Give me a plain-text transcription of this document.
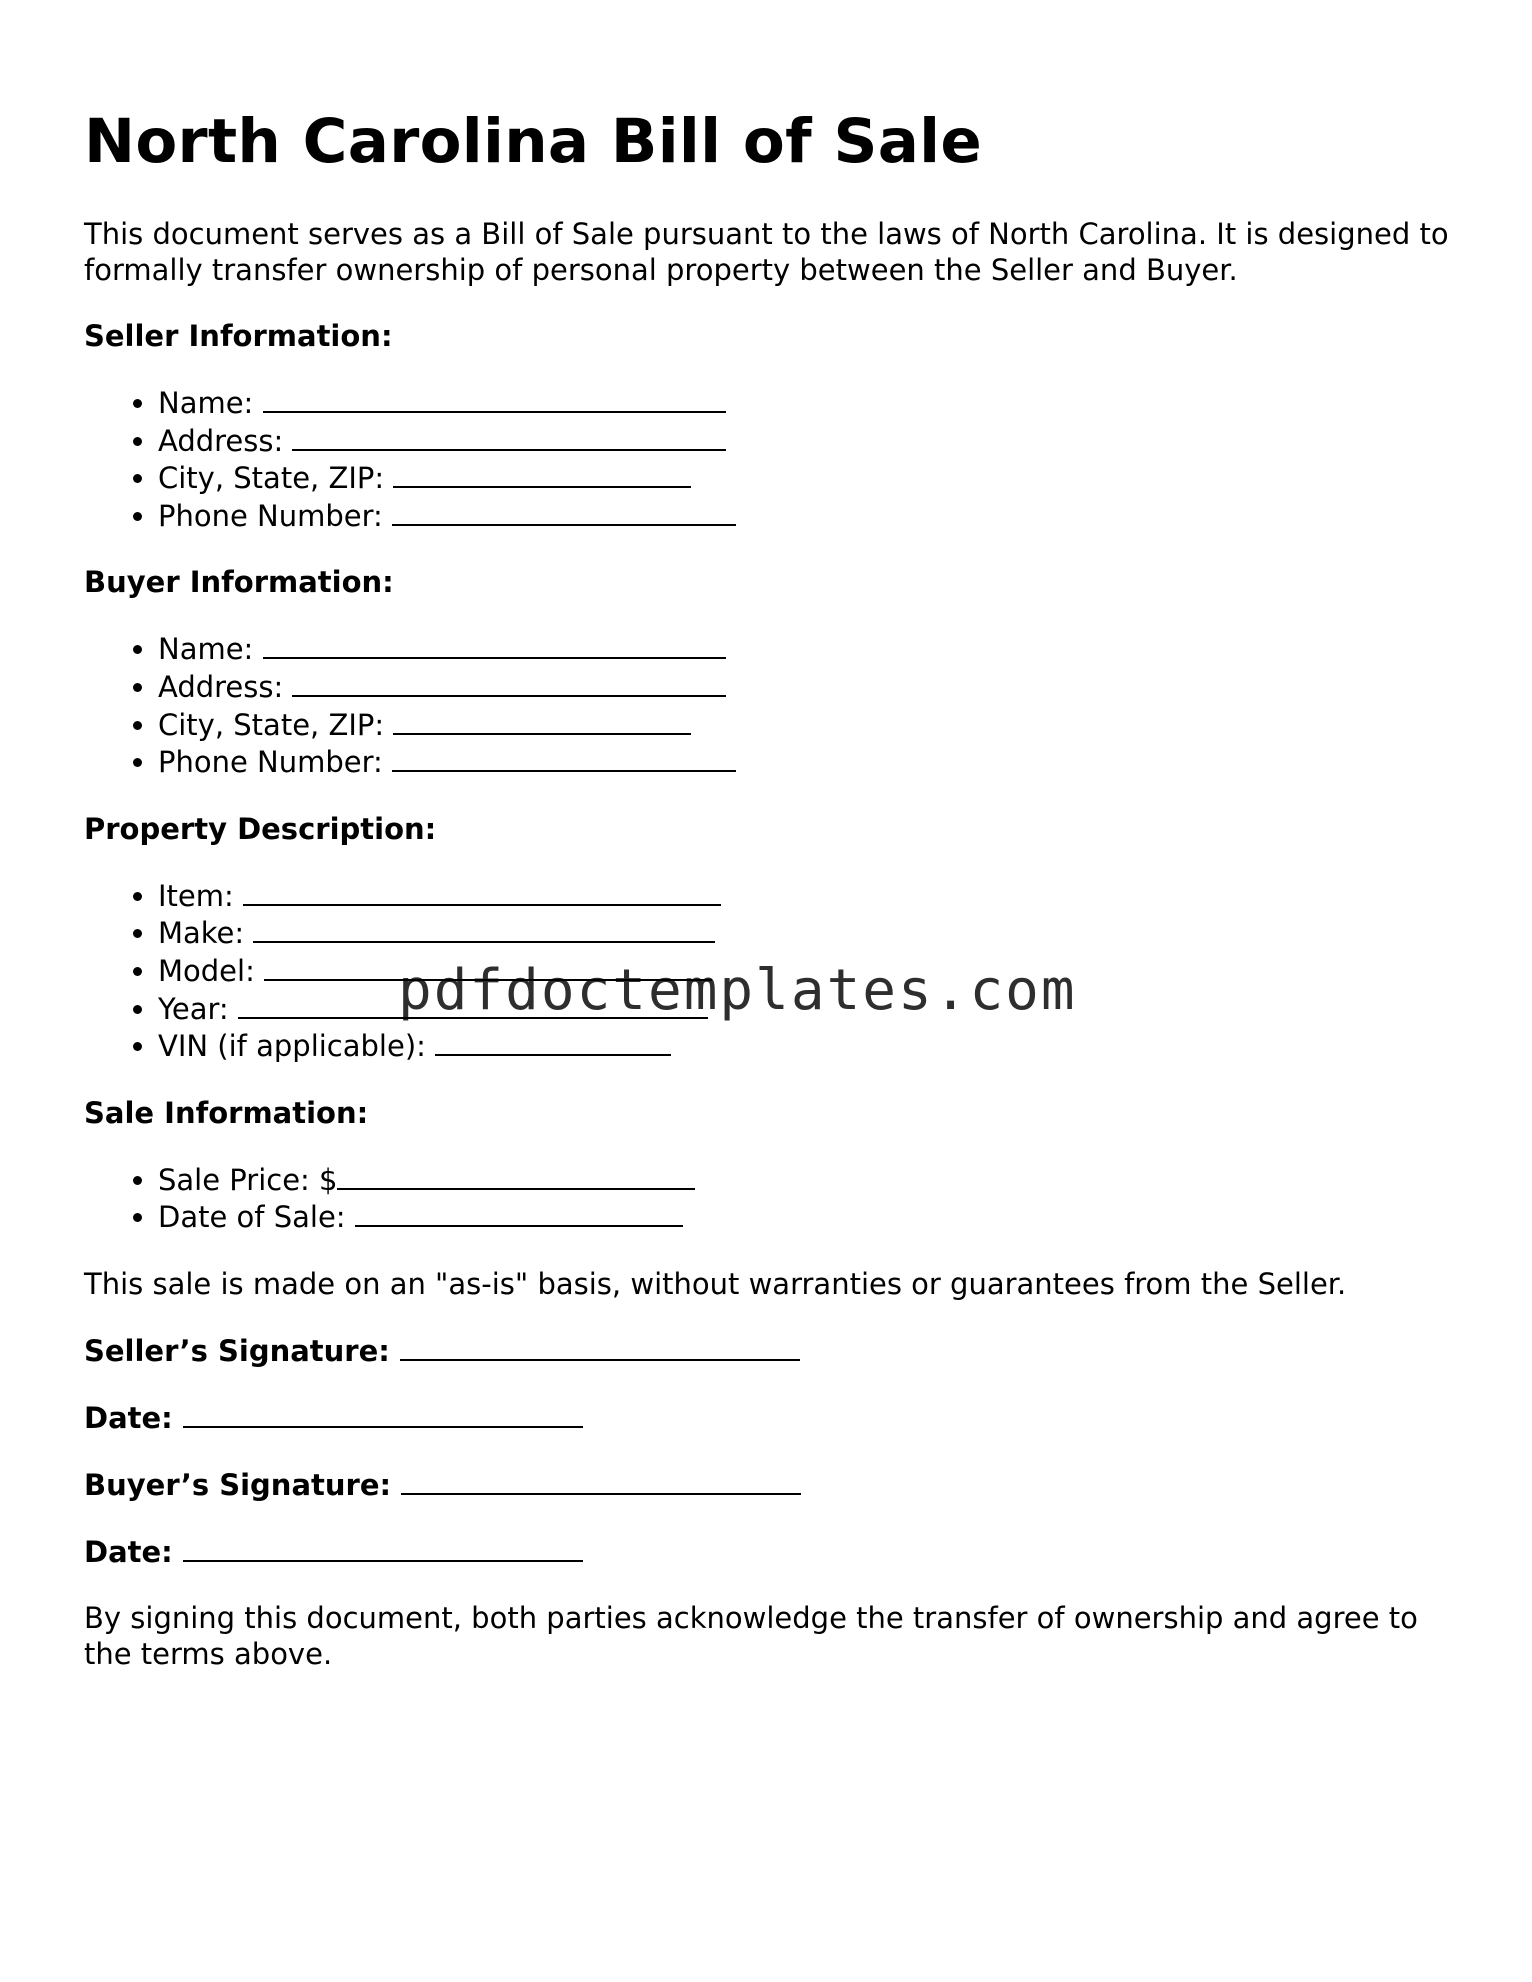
North Carolina Bill of Sale

This document serves as a Bill of Sale pursuant to the laws of North Carolina. It is designed to formally transfer ownership of personal property between the Seller and Buyer.

Seller Information:
• Name:
• Address:
• City, State, ZIP:
• Phone Number:
Buyer Information:
• Name:
• Address:
• City, State, ZIP:
• Phone Number:
Property Description:
• Item:
• Make:
• Model:
• Year:
• VIN (if applicable):
Sale Information:
• Sale Price: $
• Date of Sale:

This sale is made on an "as-is" basis, without warranties or guarantees from the Seller.

Seller’s Signature:
Date:
Buyer’s Signature:
Date:

By signing this document, both parties acknowledge the transfer of ownership and agree to the terms above.

pdfdoctemplates.com
